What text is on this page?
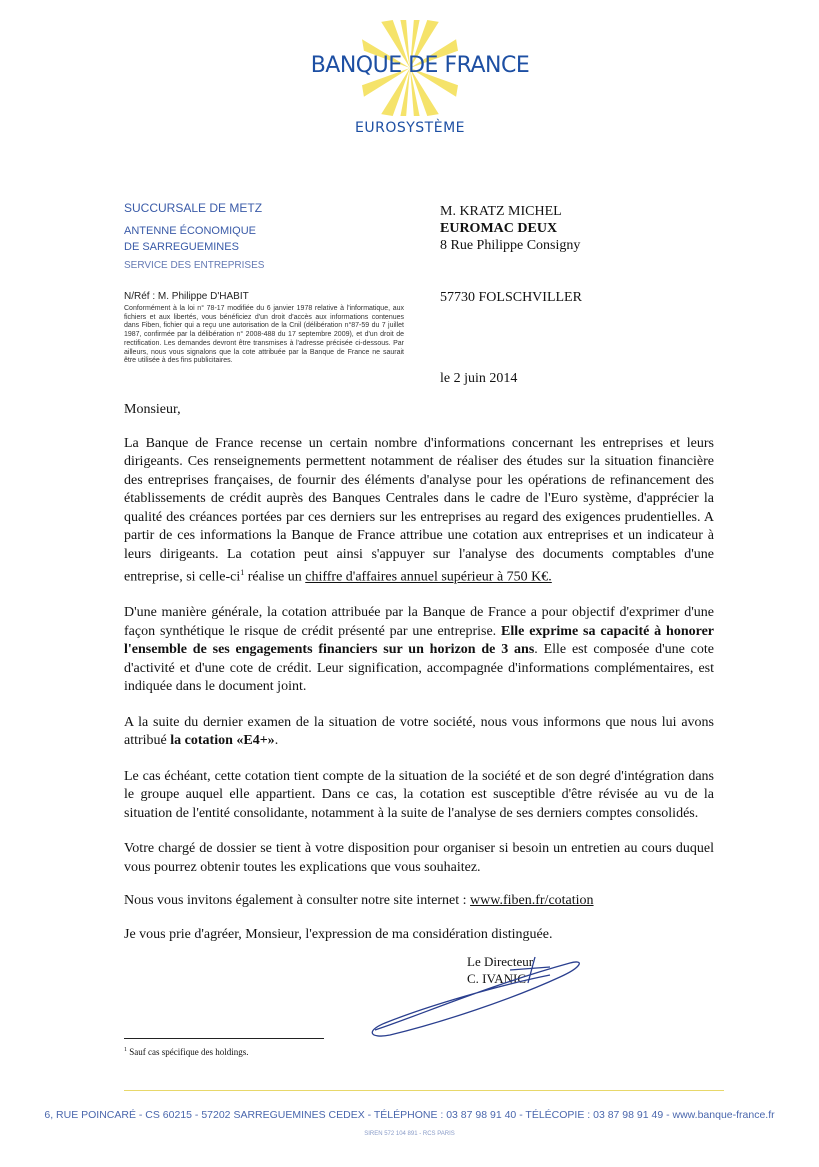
BANQUE DE FRANCE
EUROSYSTÈME
SUCCURSALE DE METZ
ANTENNE ÉCONOMIQUE
DE SARREGUEMINES
SERVICE DES ENTREPRISES
N/Réf : M. Philippe D'HABIT
Conformément à la loi n° 78-17 modifiée du 6 janvier 1978 relative à l'informatique, aux fichiers et aux libertés, vous bénéficiez d'un droit d'accès aux informations contenues dans Fiben, fichier qui a reçu une autorisation de la Cnil (délibération n°87-59 du 7 juillet 1987, confirmée par la délibération n° 2008-488 du 17 septembre 2009), et d'un droit de rectification. Les demandes devront être transmises à l'adresse précisée ci-dessous. Par ailleurs, nous vous signalons que la cote attribuée par la Banque de France ne saurait être utilisée à des fins publicitaires.
M. KRATZ MICHEL
EUROMAC DEUX
8 Rue Philippe Consigny
57730 FOLSCHVILLER
le 2 juin 2014

Monsieur,

La Banque de France recense un certain nombre d'informations concernant les entreprises et leurs dirigeants. Ces renseignements permettent notamment de réaliser des études sur la situation financière des entreprises françaises, de fournir des éléments d'analyse pour les opérations de refinancement des établissements de crédit auprès des Banques Centrales dans le cadre de l'Euro système, d'apprécier la qualité des créances portées par ces derniers sur les entreprises au regard des exigences prudentielles. A partir de ces informations la Banque de France attribue une cotation aux entreprises et un indicateur à leurs dirigeants. La cotation peut ainsi s'appuyer sur l'analyse des documents comptables d'une entreprise, si celle-$ci^1$ réalise un chiffre d'affaires annuel supérieur à 750 K€.

D'une manière générale, la cotation attribuée par la Banque de France a pour objectif d'exprimer d'une façon synthétique le risque de crédit présenté par une entreprise. Elle exprime sa capacité à honorer l'ensemble de ses engagements financiers sur un horizon de 3 ans. Elle est composée d'une cote d'activité et d'une cote de crédit. Leur signification, accompagnée d'informations complémentaires, est indiquée dans le document joint.

A la suite du dernier examen de la situation de votre société, nous vous informons que nous lui avons attribué la cotation «E4+».

Le cas échéant, cette cotation tient compte de la situation de la société et de son degré d'intégration dans le groupe auquel elle appartient. Dans ce cas, la cotation est susceptible d'être révisée au vu de la situation de l'entité consolidante, notamment à la suite de l'analyse de ses derniers comptes consolidés.

Votre chargé de dossier se tient à votre disposition pour organiser si besoin un entretien au cours duquel vous pourrez obtenir toutes les explications que vous souhaitez.

Nous vous invitons également à consulter notre site internet : www.fiben.fr/cotation

Je vous prie d'agréer, Monsieur, l'expression de ma considération distinguée.

Le Directeur
C. IVANIC
$^1$ Sauf cas spécifique des holdings.
6, RUE POINCARÉ - CS 60215 - 57202 SARREGUEMINES CEDEX - TÉLÉPHONE : 03 87 98 91 40 - TÉLÉCOPIE : 03 87 98 91 49 - www.banque-france.fr
SIREN 572 104 891 - RCS PARIS
